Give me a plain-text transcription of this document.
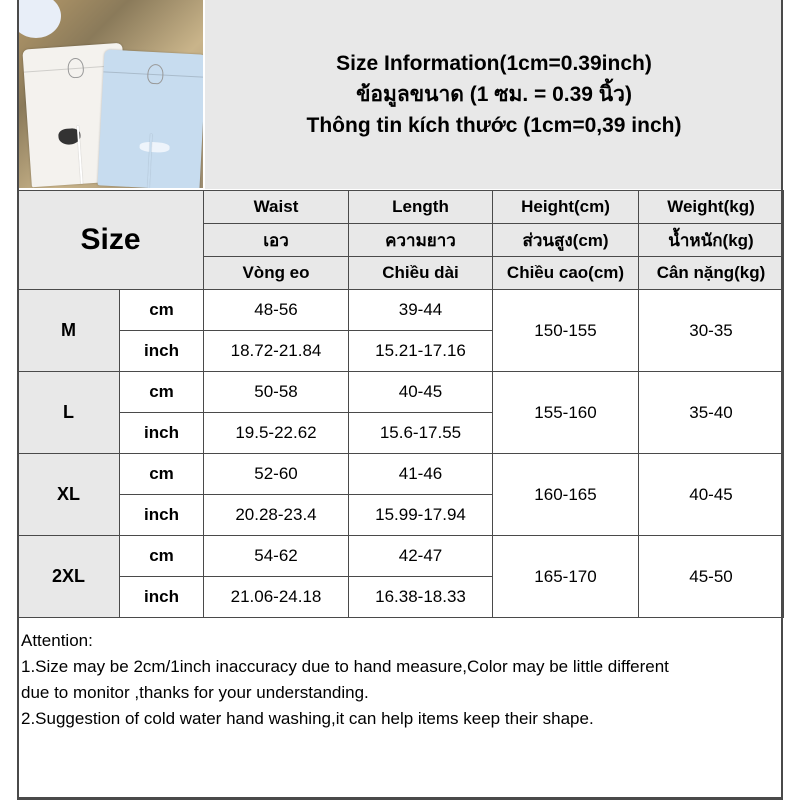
Size Information(1cm=0.39inch)
ข้อมูลขนาด (1 ซม. = 0.39 นิ้ว)
Thông tin kích thước (1cm=0,39 inch)
Size		Waist	Length	Height(cm)	Weight(kg)
		เอว	ความยาว	ส่วนสูง(cm)	น้ำหนัก(kg)
		Vòng eo	Chiều dài	Chiều cao(cm)	Cân nặng(kg)
M	cm	48-56	39-44	150-155	30-35
	inch	18.72-21.84	15.21-17.16		
L	cm	50-58	40-45	155-160	35-40
	inch	19.5-22.62	15.6-17.55		
XL	cm	52-60	41-46	160-165	40-45
	inch	20.28-23.4	15.99-17.94		
2XL	cm	54-62	42-47	165-170	45-50
	inch	21.06-24.18	16.38-18.33		
Attention:
1.Size may be 2cm/1inch inaccuracy due to hand measure,Color may be little different
due to monitor ,thanks for your understanding.
2.Suggestion of cold water hand washing,it can help items keep their shape.
